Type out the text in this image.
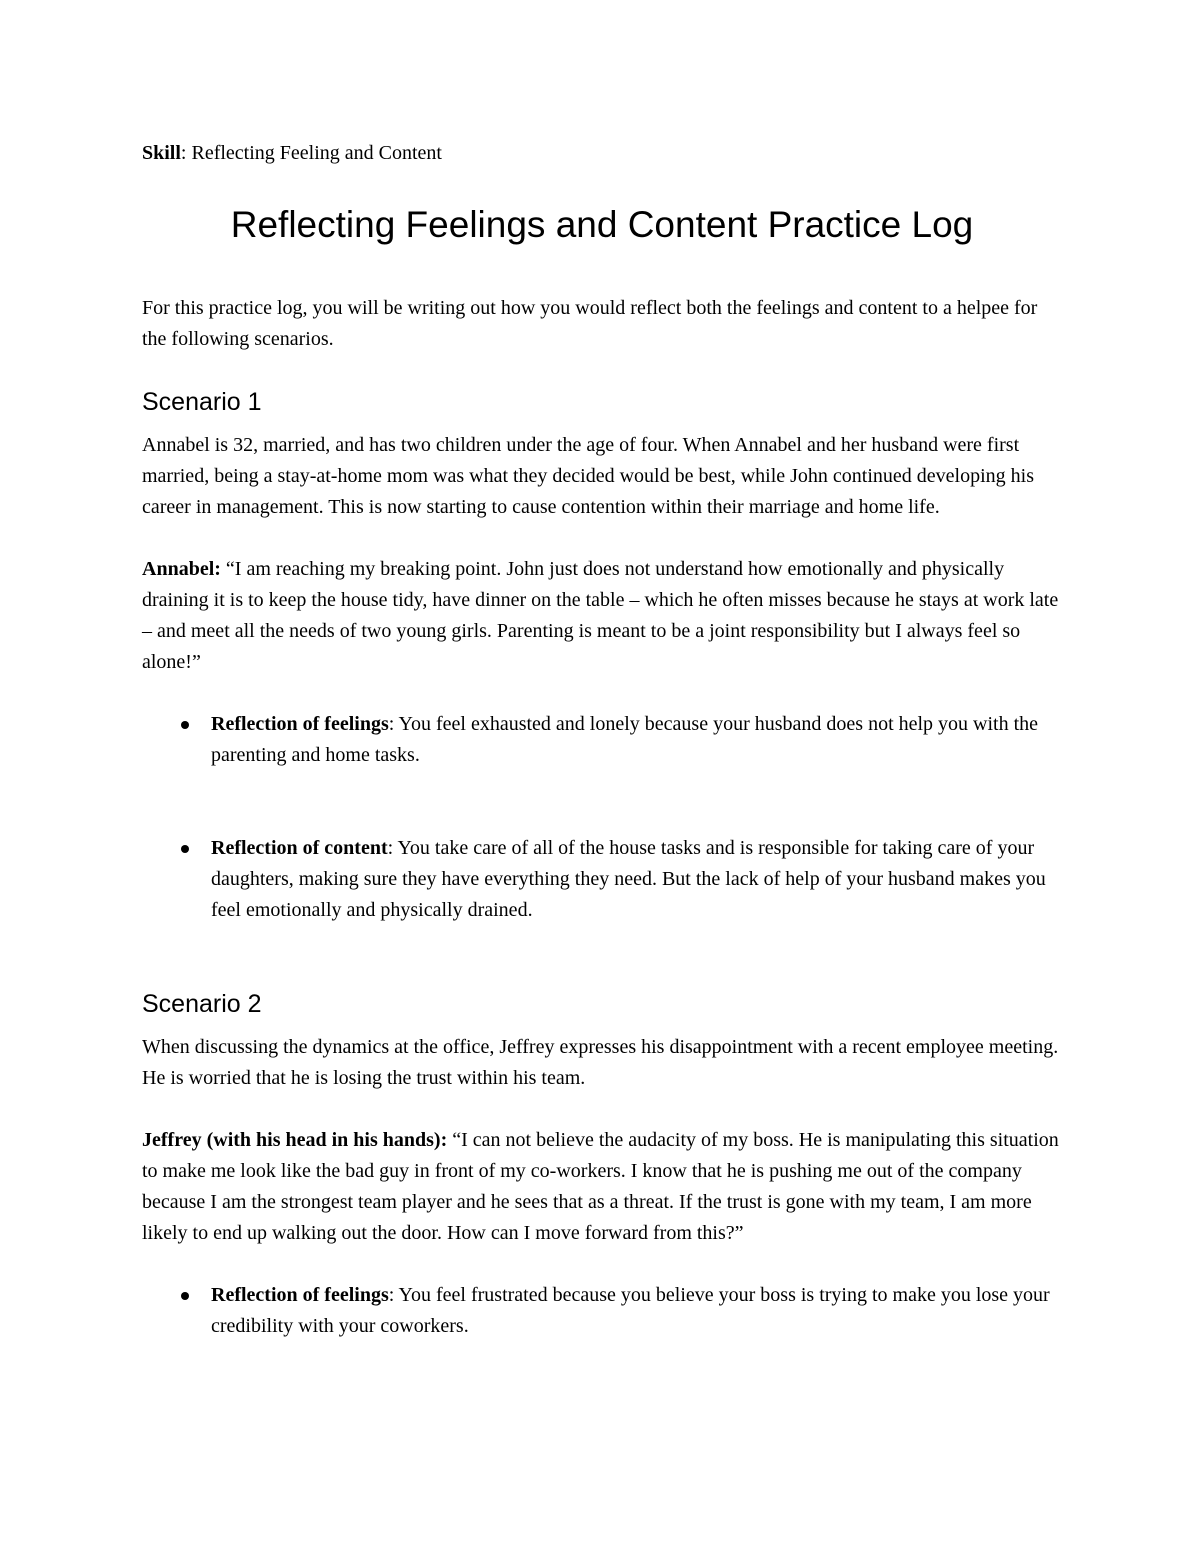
Skill: Reflecting Feeling and Content

Reflecting Feelings and Content Practice Log

For this practice log, you will be writing out how you would reflect both the feelings and content to a helpee for the following scenarios.

Scenario 1

Annabel is 32, married, and has two children under the age of four. When Annabel and her husband were first married, being a stay-at-home mom was what they decided would be best, while John continued developing his career in management. This is now starting to cause contention within their marriage and home life.

Annabel: “I am reaching my breaking point. John just does not understand how emotionally and physically draining it is to keep the house tidy, have dinner on the table – which he often misses because he stays at work late – and meet all the needs of two young girls. Parenting is meant to be a joint responsibility but I always feel so alone!”

Reflection of feelings: You feel exhausted and lonely because your husband does not help you with the parenting and home tasks.
Reflection of content: You take care of all of the house tasks and is responsible for taking care of your daughters, making sure they have everything they need. But the lack of help of your husband makes you feel emotionally and physically drained.
Scenario 2

When discussing the dynamics at the office, Jeffrey expresses his disappointment with a recent employee meeting. He is worried that he is losing the trust within his team.

Jeffrey (with his head in his hands): “I can not believe the audacity of my boss. He is manipulating this situation to make me look like the bad guy in front of my co-workers. I know that he is pushing me out of the company because I am the strongest team player and he sees that as a threat. If the trust is gone with my team, I am more likely to end up walking out the door. How can I move forward from this?”

Reflection of feelings: You feel frustrated because you believe your boss is trying to make you lose your credibility with your coworkers.
